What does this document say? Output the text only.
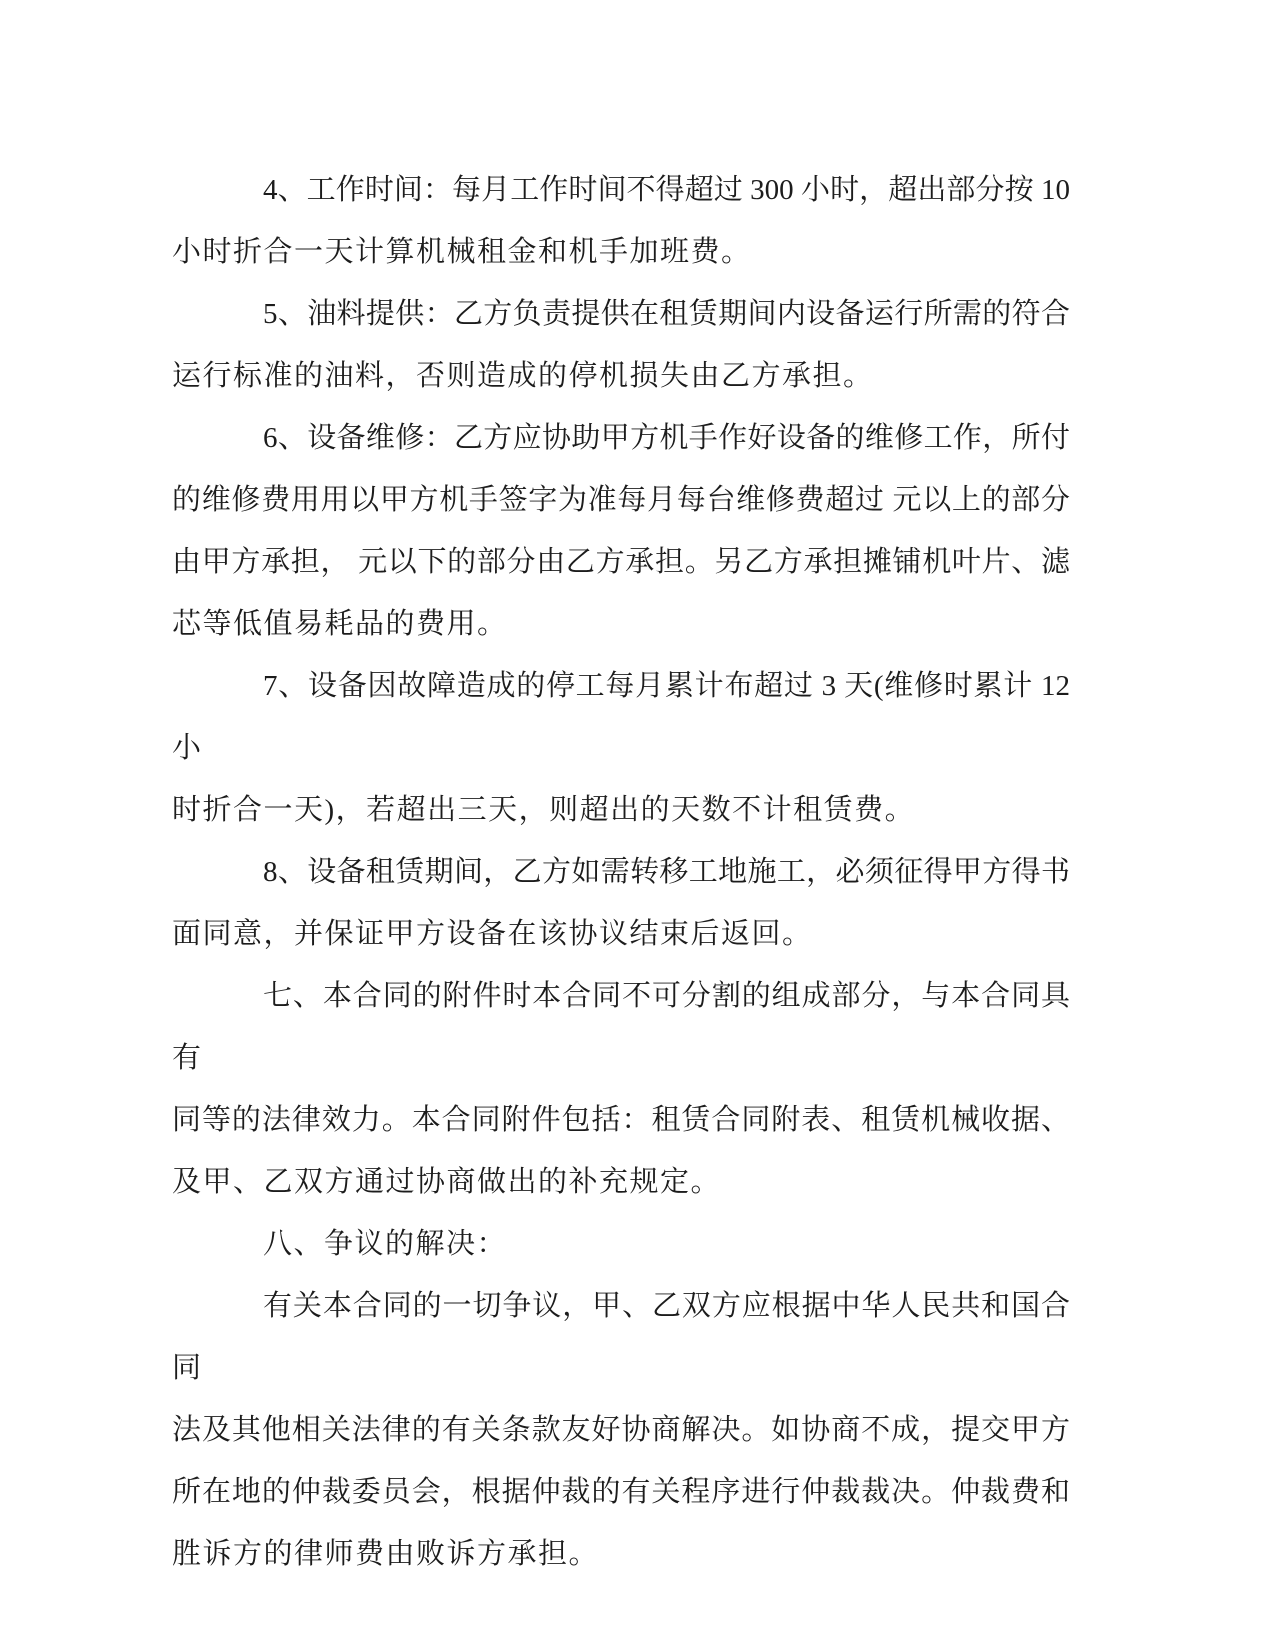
4、工作时间：每月工作时间不得超过 300 小时，超出部分按 10

小时折合一天计算机械租金和机手加班费。

5、油料提供：乙方负责提供在租赁期间内设备运行所需的符合

运行标准的油料，否则造成的停机损失由乙方承担。

6、设备维修：乙方应协助甲方机手作好设备的维修工作，所付

的维修费用用以甲方机手签字为准每月每台维修费超过 元以上的部分

由甲方承担， 元以下的部分由乙方承担。另乙方承担摊铺机叶片、滤

芯等低值易耗品的费用。

7、设备因故障造成的停工每月累计布超过 3 天(维修时累计 12 小

时折合一天)，若超出三天，则超出的天数不计租赁费。

8、设备租赁期间，乙方如需转移工地施工，必须征得甲方得书

面同意，并保证甲方设备在该协议结束后返回。

七、本合同的附件时本合同不可分割的组成部分，与本合同具有

同等的法律效力。本合同附件包括：租赁合同附表、租赁机械收据、

及甲、乙双方通过协商做出的补充规定。

八、争议的解决：

有关本合同的一切争议，甲、乙双方应根据中华人民共和国合同

法及其他相关法律的有关条款友好协商解决。如协商不成，提交甲方

所在地的仲裁委员会，根据仲裁的有关程序进行仲裁裁决。仲裁费和

胜诉方的律师费由败诉方承担。
